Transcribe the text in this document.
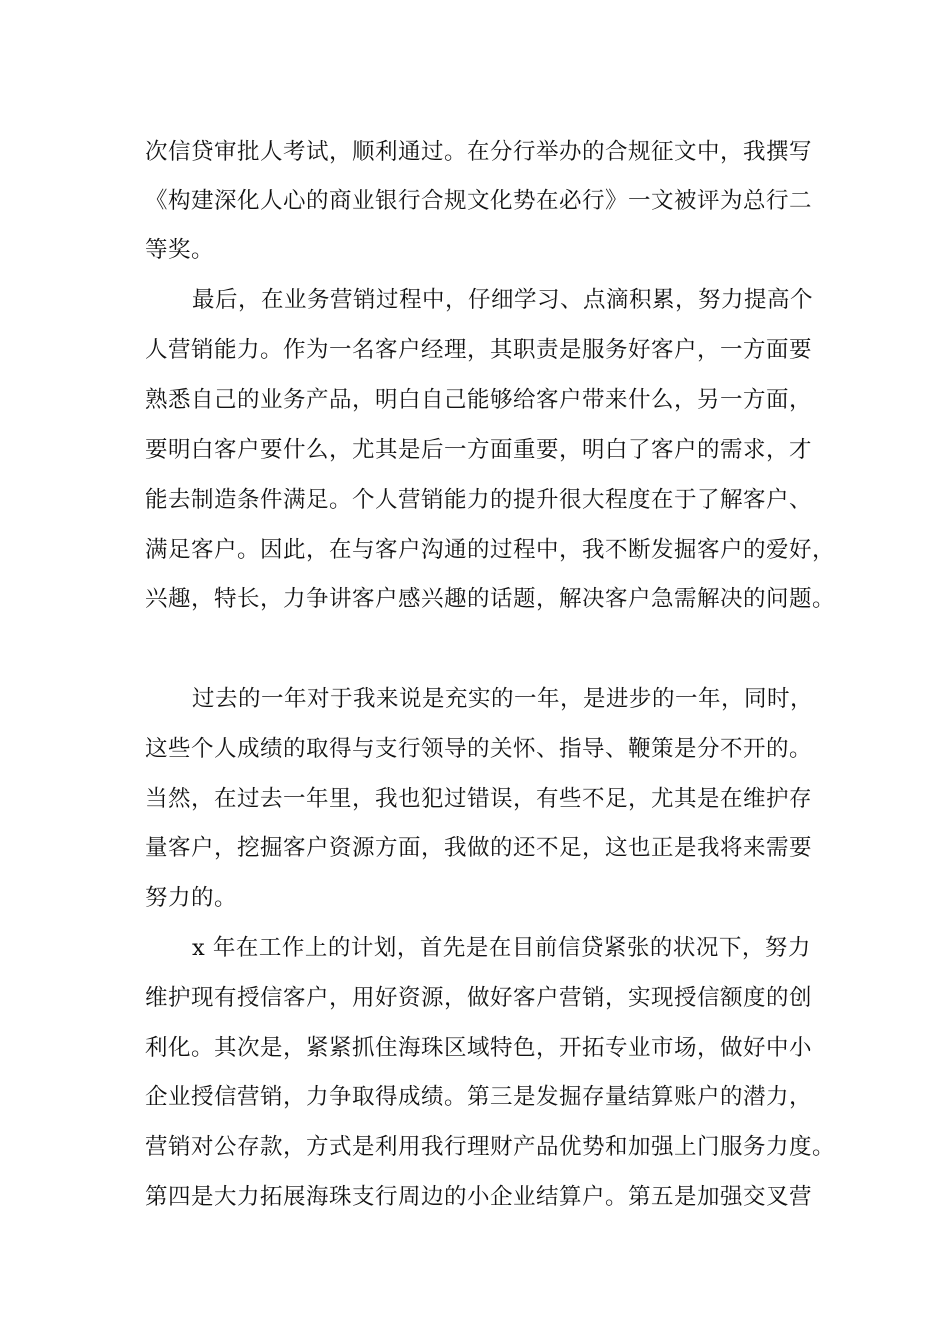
次信贷审批人考试，顺利通过。在分行举办的合规征文中，我撰写
《构建深化人心的商业银行合规文化势在必行》一文被评为总行二
等奖。
最后，在业务营销过程中，仔细学习、点滴积累，努力提高个
人营销能力。作为一名客户经理，其职责是服务好客户，一方面要
熟悉自己的业务产品，明白自己能够给客户带来什么，另一方面，
要明白客户要什么，尤其是后一方面重要，明白了客户的需求，才
能去制造条件满足。个人营销能力的提升很大程度在于了解客户、
满足客户。因此，在与客户沟通的过程中，我不断发掘客户的爱好，
兴趣，特长，力争讲客户感兴趣的话题，解决客户急需解决的问题。
过去的一年对于我来说是充实的一年，是进步的一年，同时，
这些个人成绩的取得与支行领导的关怀、指导、鞭策是分不开的。
当然，在过去一年里，我也犯过错误，有些不足，尤其是在维护存
量客户，挖掘客户资源方面，我做的还不足，这也正是我将来需要
努力的。
x 年在工作上的计划，首先是在目前信贷紧张的状况下，努力
维护现有授信客户，用好资源，做好客户营销，实现授信额度的创
利化。其次是，紧紧抓住海珠区域特色，开拓专业市场，做好中小
企业授信营销，力争取得成绩。第三是发掘存量结算账户的潜力，
营销对公存款，方式是利用我行理财产品优势和加强上门服务力度。
第四是大力拓展海珠支行周边的小企业结算户。第五是加强交叉营
